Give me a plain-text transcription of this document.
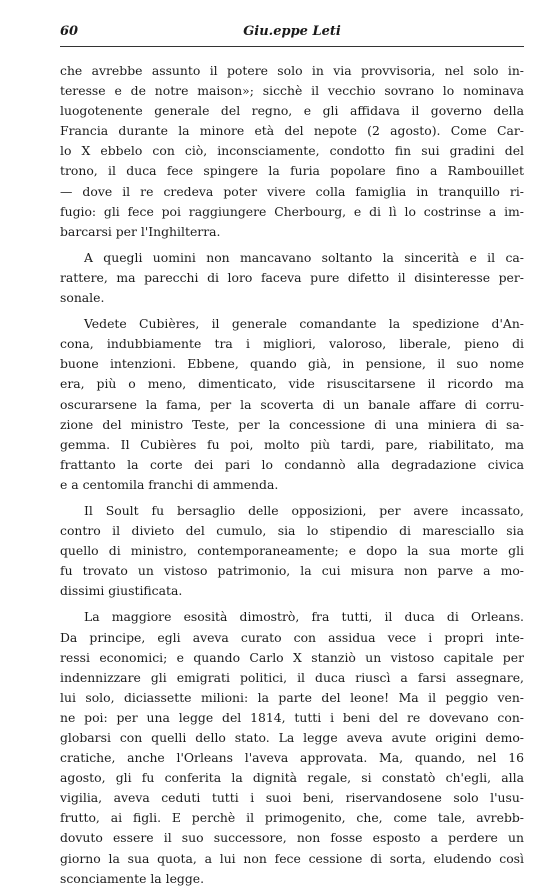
60	Giu.eppe Leti
che avrebbe assunto il potere solo in via provvisoria, nel solo in-
teresse e de notre maison»; sicchè il vecchio sovrano lo nominava
luogotenente generale del regno, e gli affidava il governo della
Francia durante la minore età del nepote (2 agosto). Come Car-
lo X ebbelo con ciò, inconsciamente, condotto fin sui gradini del
trono, il duca fece spingere la furia popolare fino a Rambouillet
— dove il re credeva poter vivere colla famiglia in tranquillo ri-
fugio: gli fece poi raggiungere Cherbourg, e di lì lo costrinse a im-
barcarsi per l'Inghilterra.
A quegli uomini non mancavano soltanto la sincerità e il ca-
rattere, ma parecchi di loro faceva pure difetto il disinteresse per-
sonale.
Vedete Cubières, il generale comandante la spedizione d'An-
cona, indubbiamente tra i migliori, valoroso, liberale, pieno di
buone intenzioni. Ebbene, quando già, in pensione, il suo nome
era, più o meno, dimenticato, vide risuscitarsene il ricordo ma
oscurarsene la fama, per la scoverta di un banale affare di corru-
zione del ministro Teste, per la concessione di una miniera di sa-
gemma. Il Cubières fu poi, molto più tardi, pare, riabilitato, ma
frattanto la corte dei pari lo condannò alla degradazione civica
e a centomila franchi di ammenda.
Il Soult fu bersaglio delle opposizioni, per avere incassato,
contro il divieto del cumulo, sia lo stipendio di maresciallo sia
quello di ministro, contemporaneamente; e dopo la sua morte gli
fu trovato un vistoso patrimonio, la cui misura non parve a mo-
dissimi giustificata.
La maggiore esosità dimostrò, fra tutti, il duca di Orleans.
Da principe, egli aveva curato con assidua vece i propri inte-
ressi economici; e quando Carlo X stanziò un vistoso capitale per
indennizzare gli emigrati politici, il duca riuscì a farsi assegnare,
lui solo, diciassette milioni: la parte del leone! Ma il peggio ven-
ne poi: per una legge del 1814, tutti i beni del re dovevano con-
globarsi con quelli dello stato. La legge aveva avute origini demo-
cratiche, anche l'Orleans l'aveva approvata. Ma, quando, nel 16
agosto, gli fu conferita la dignità regale, si constatò ch'egli, alla
vigilia, aveva ceduti tutti i suoi beni, riservandosene solo l'usu-
frutto, ai figli. E perchè il primogenito, che, come tale, avrebb-
dovuto essere il suo successore, non fosse esposto a perdere un
giorno la sua quota, a lui non fece cessione di sorta, eludendo così
sconciamente la legge.
